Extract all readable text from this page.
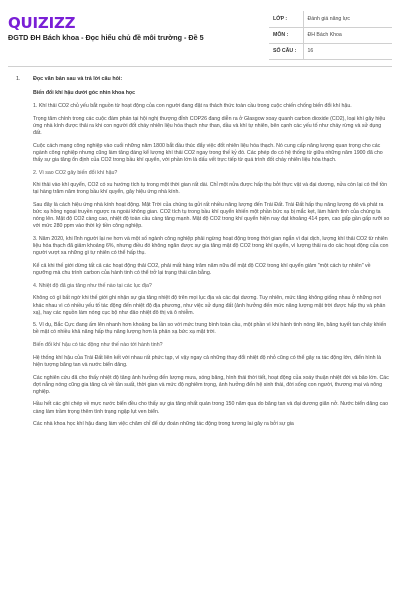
QUIZIZZ
ĐGTD ĐH Bách khoa - Đọc hiểu chủ đề môi trường - Đề 5
LỚP :	Đánh giá năng lực
MÔN :	ĐH Bách Khoa
SỐ CÂU :	16
1. Đọc văn bản sau và trả lời câu hỏi:
Biến đổi khí hậu dưới góc nhìn khoa học
1. Khí thải CO2 chủ yếu bắt nguồn từ hoạt động của con người đang đặt ra thách thức toàn cầu trong cuộc chiến chống biến đổi khí hậu.
Trọng tâm chính trong các cuộc đàm phán tại hội nghị thượng đỉnh COP26 đang diễn ra ở Glasgow xoay quanh carbon dioxide (CO2), loại khí gây hiệu ứng nhà kính được thải ra khi con người đốt cháy nhiên liệu hóa thạch như than, dầu và khí tự nhiên, bên cạnh các yếu tố như cháy rừng và sử dụng đất.
Cuộc cách mạng công nghiệp vào cuối những năm 1800 bắt đầu thúc đẩy việc đốt nhiên liệu hóa thạch. Nó cung cấp năng lượng quan trọng cho các ngành công nghiệp nhưng cũng làm tăng đáng kể lượng khí thải CO2 ngay trong thế kỷ đó. Các phép đo có hệ thống từ giữa những năm 1900 đã cho thấy sự gia tăng ổn định của CO2 trong bầu khí quyển, với phần lớn là dấu vết trực tiếp từ quá trình đốt cháy nhiên liệu hóa thạch.
2. Vì sao CO2 gây biến đổi khí hậu?
Khi thải vào khí quyển, CO2 có xu hướng tích tụ trong một thời gian rất dài. Chỉ một nửa được hấp thụ bởi thực vật và đại dương, nửa còn lại có thể tồn tại hàng trăm năm trong bầu khí quyển, gây hiệu ứng nhà kính.
Sau đây là cách hiệu ứng nhà kính hoạt động. Mặt Trời của chúng ta gửi rất nhiều năng lượng đến Trái Đất. Trái Đất hấp thụ năng lượng đó và phát ra bức xạ hồng ngoại truyền ngược ra ngoài không gian. CO2 tích tụ trong bầu khí quyển khiến một phần bức xạ bị mắc kẹt, làm hành tinh của chúng ta nóng lên. Mật độ CO2 càng cao, nhiệt độ toàn cầu càng tăng mạnh. Mật độ CO2 trong khí quyển hiện nay đạt khoảng 414 ppm, cao gấp gần gấp rưỡi so với mức 280 ppm vào thời kỳ tiền công nghiệp.
3. Năm 2020, khi lĩnh người lại ne hơn và một số ngành công nghiệp phải ngừng hoạt động trong thời gian ngắn vì đại dịch, lượng khí thải CO2 từ nhiên liệu hóa thạch đã giảm khoảng 6%, nhưng điều đó không ngăn được sự gia tăng mật độ CO2 trong khí quyển, vì lượng thải ra do các hoạt động của con người vượt xa những gì tự nhiên có thể hấp thụ.
Kể cả khi thế giới dừng tất cả các hoạt động thải CO2, phải mất hàng trăm năm nữa để mật độ CO2 trong khí quyển giảm "một cách tự nhiên" về ngưỡng mà chu trình carbon của hành tinh có thể trở lại trạng thái cân bằng.
4. Nhiệt độ đã gia tăng như thế nào tại các lục địa?
Không có gì bất ngờ khi thế giới ghi nhận sự gia tăng nhiệt độ trên mọi lục địa và các đại dương. Tuy nhiên, mức tăng không giống nhau ở những nơi khác nhau vì có nhiều yếu tố tác động đến nhiệt độ địa phương, như việc sử dụng đất (ảnh hưởng đến mức năng lượng mặt trời được hấp thụ và phản xạ), hay các nguồn làm nóng cục bộ như đảo nhiệt đô thị và ô nhiễm.
5. Ví dụ, Bắc Cực đang ấm lên nhanh hơn khoảng ba lần so với mức trung bình toàn cầu, một phần vì khi hành tinh nóng lên, băng tuyết tan chảy khiến bề mặt có nhiều khả năng hấp thụ năng lượng hơn là phản xạ bức xạ mặt trời.
Biến đổi khí hậu có tác động như thế nào tới hành tinh?
Hệ thống khí hậu của Trái Đất liên kết với nhau rất phức tạp, vì vậy ngay cả những thay đổi nhiệt độ nhỏ cũng có thể gây ra tác động lớn, điển hình là hiện tượng băng tan và nước biển dâng.
Các nghiên cứu đã cho thấy nhiệt độ tăng ảnh hưởng đến lượng mưa, sóng băng, hình thái thời tiết, hoạt động của xoáy thuận nhiệt đới và bão lớn. Các đợt nắng nóng cũng gia tăng cả về tần suất, thời gian và mức độ nghiêm trọng, ảnh hưởng đến hệ sinh thái, đời sống con người, thương mại và nông nghiệp.
Hầu hết các ghi chép về mực nước biển đều cho thấy sự gia tăng nhất quán trong 150 năm qua do băng tan và đại dương giãn nở. Nước biển dâng cao càng làm trầm trọng thêm tình trạng ngập lụt ven biển.
Các nhà khoa học khí hậu đang làm việc chăm chỉ để dự đoán những tác động trong tương lai gây ra bởi sự gia
